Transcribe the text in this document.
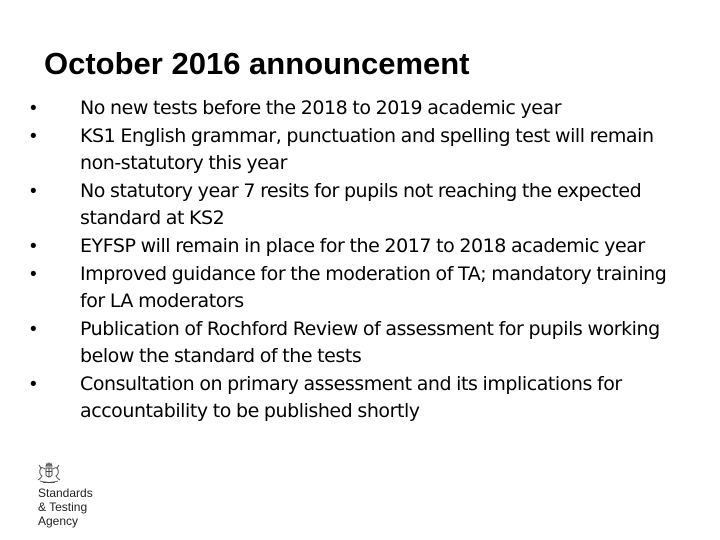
October 2016 announcement
•	No new tests before the 2018 to 2019 academic year
•	KS1 English grammar, punctuation and spelling test will remain non-statutory this year
•	No statutory year 7 resits for pupils not reaching the expected standard at KS2
•	EYFSP will remain in place for the 2017 to 2018 academic year
•	Improved guidance for the moderation of TA; mandatory training for LA moderators
•	Publication of Rochford Review of assessment for pupils working below the standard of the tests
•	Consultation on primary assessment and its implications for accountability to be published shortly
Standards
& Testing
Agency
